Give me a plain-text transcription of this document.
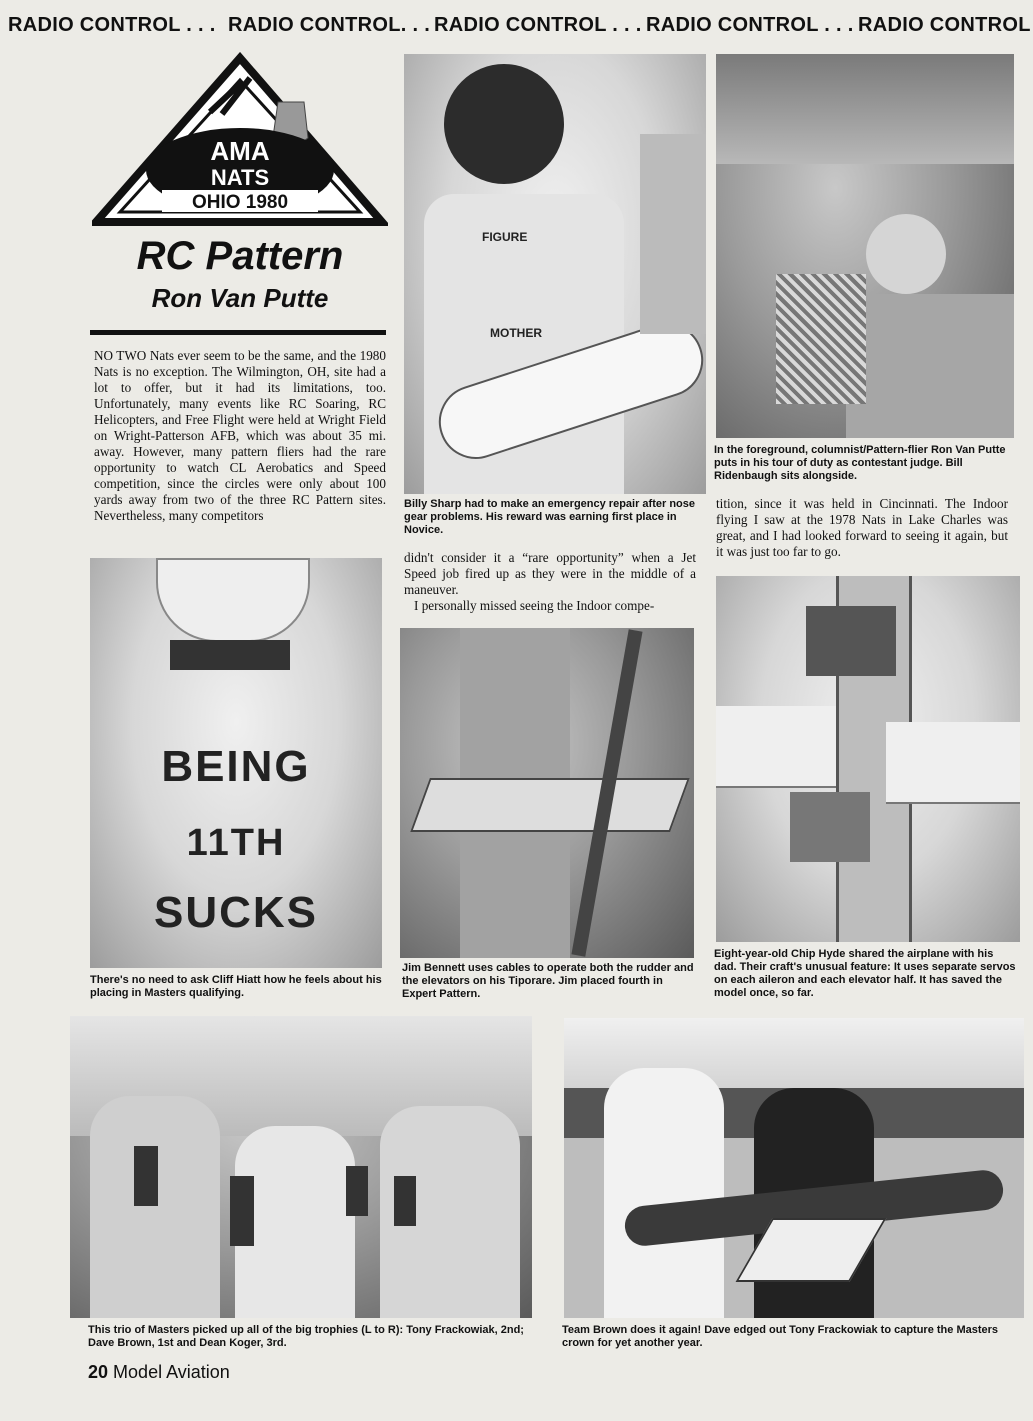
RADIO CONTROL . . . RADIO CONTROL. . . RADIO CONTROL . . . RADIO CONTROL . . . RADIO CONTROL
AMA
NATS
OHIO 1980
RC Pattern
Ron Van Putte
NO TWO Nats ever seem to be the same, and the 1980 Nats is no exception. The Wilmington, OH, site had a lot to offer, but it had its limitations, too. Unfortunately, many events like RC Soaring, RC Helicopters, and Free Flight were held at Wright Field on Wright-Patterson AFB, which was about 35 mi. away. However, many pattern fliers had the rare opportunity to watch CL Aerobatics and Speed competition, since the circles were only about 100 yards away from two of the three RC Pattern sites. Nevertheless, many competitors
FIGURE
MOTHER
Billy Sharp had to make an emergency repair after nose gear problems. His reward was earning first place in Novice.
didn't consider it a “rare opportunity” when a Jet Speed job fired up as they were in the middle of a maneuver.
I personally missed seeing the Indoor compe-
In the foreground, columnist/Pattern-flier Ron Van Putte puts in his tour of duty as contestant judge. Bill Ridenbaugh sits alongside.
tition, since it was held in Cincinnati. The Indoor flying I saw at the 1978 Nats in Lake Charles was great, and I had looked forward to seeing it again, but it was just too far to go.
BEING
11TH
SUCKS
There's no need to ask Cliff Hiatt how he feels about his placing in Masters qualifying.
Jim Bennett uses cables to operate both the rudder and the elevators on his Tiporare. Jim placed fourth in Expert Pattern.
Eight-year-old Chip Hyde shared the airplane with his dad. Their craft's unusual feature: It uses separate servos on each aileron and each elevator half. It has saved the model once, so far.
This trio of Masters picked up all of the big trophies (L to R): Tony Frackowiak, 2nd; Dave Brown, 1st and Dean Koger, 3rd.
Team Brown does it again! Dave edged out Tony Frackowiak to capture the Masters crown for yet another year.
20 Model Aviation
